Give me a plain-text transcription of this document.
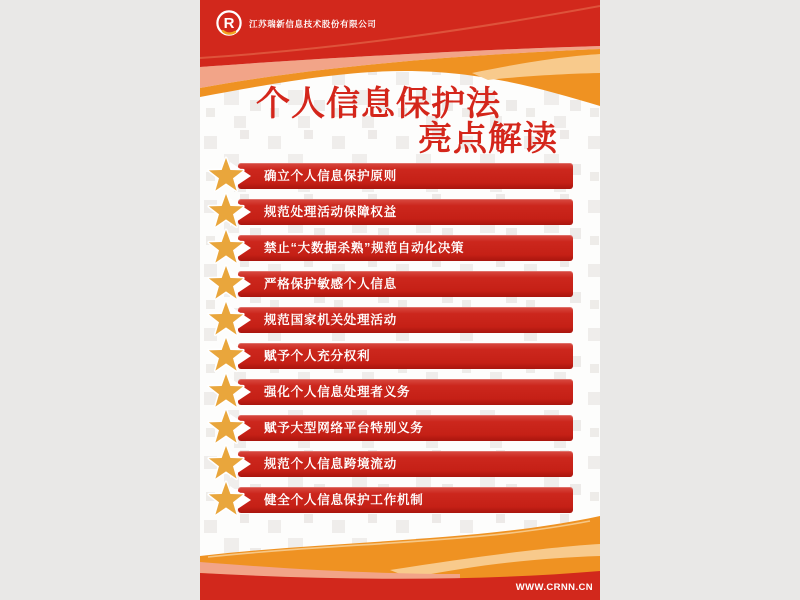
R 江苏瑞新信息技术股份有限公司
个人信息保护法
亮点解读
确立个人信息保护原则
规范处理活动保障权益
禁止“大数据杀熟”规范自动化决策
严格保护敏感个人信息
规范国家机关处理活动
赋予个人充分权利
强化个人信息处理者义务
赋予大型网络平台特别义务
规范个人信息跨境流动
健全个人信息保护工作机制
WWW.CRNN.CN
